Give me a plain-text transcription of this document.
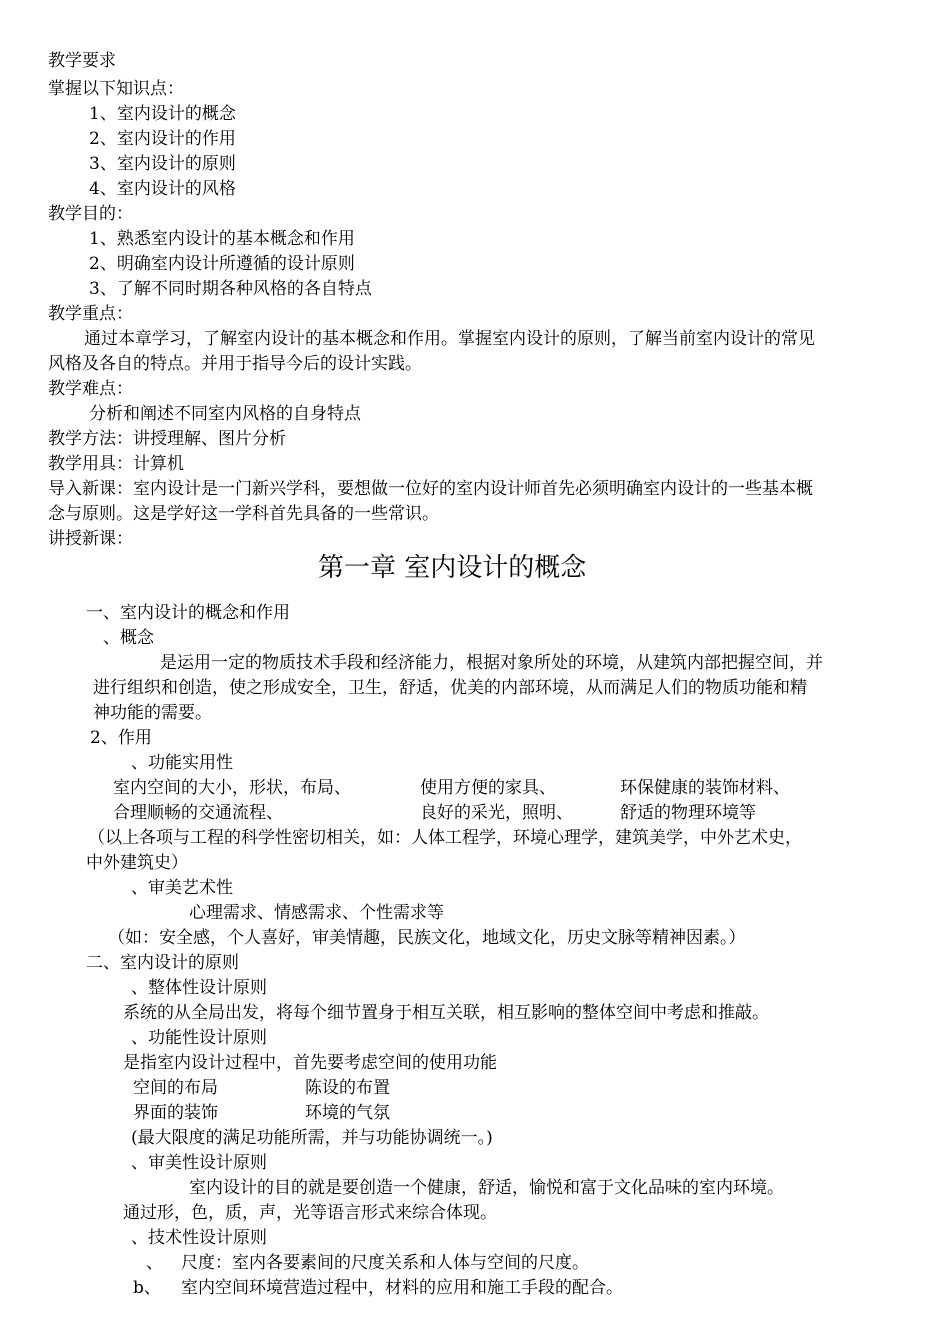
教学要求
掌握以下知识点：
1、室内设计的概念
2、室内设计的作用
3、室内设计的原则
4、室内设计的风格
教学目的：
1、熟悉室内设计的基本概念和作用
2、明确室内设计所遵循的设计原则
3、了解不同时期各种风格的各自特点
教学重点：
通过本章学习，了解室内设计的基本概念和作用。掌握室内设计的原则，了解当前室内设计的常见
风格及各自的特点。并用于指导今后的设计实践。
教学难点：
分析和阐述不同室内风格的自身特点
教学方法：讲授理解、图片分析
教学用具：计算机
导入新课：室内设计是一门新兴学科，要想做一位好的室内设计师首先必须明确室内设计的一些基本概
念与原则。这是学好这一学科首先具备的一些常识。
讲授新课：
第一章 室内设计的概念
一、室内设计的概念和作用
、概念
是运用一定的物质技术手段和经济能力，根据对象所处的环境，从建筑内部把握空间，并
进行组织和创造，使之形成安全，卫生，舒适，优美的内部环境，从而满足人们的物质功能和精
神功能的需要。
2、作用
、功能实用性
室内空间的大小，形状，布局、	使用方便的家具、	环保健康的装饰材料、
合理顺畅的交通流程、	良好的采光，照明、	舒适的物理环境等
（以上各项与工程的科学性密切相关，如：人体工程学，环境心理学，建筑美学，中外艺术史，
中外建筑史）
、审美艺术性
心理需求、情感需求、个性需求等
（如：安全感，个人喜好，审美情趣，民族文化，地域文化，历史文脉等精神因素。）
二、室内设计的原则
、整体性设计原则
系统的从全局出发，将每个细节置身于相互关联，相互影响的整体空间中考虑和推敲。
、功能性设计原则
是指室内设计过程中，首先要考虑空间的使用功能
空间的布局	陈设的布置
界面的装饰	环境的气氛
(最大限度的满足功能所需，并与功能协调统一。)
、审美性设计原则
室内设计的目的就是要创造一个健康，舒适，愉悦和富于文化品味的室内环境。
通过形，色，质，声，光等语言形式来综合体现。
、技术性设计原则
、 尺度：室内各要素间的尺度关系和人体与空间的尺度。
b、 室内空间环境营造过程中，材料的应用和施工手段的配合。
